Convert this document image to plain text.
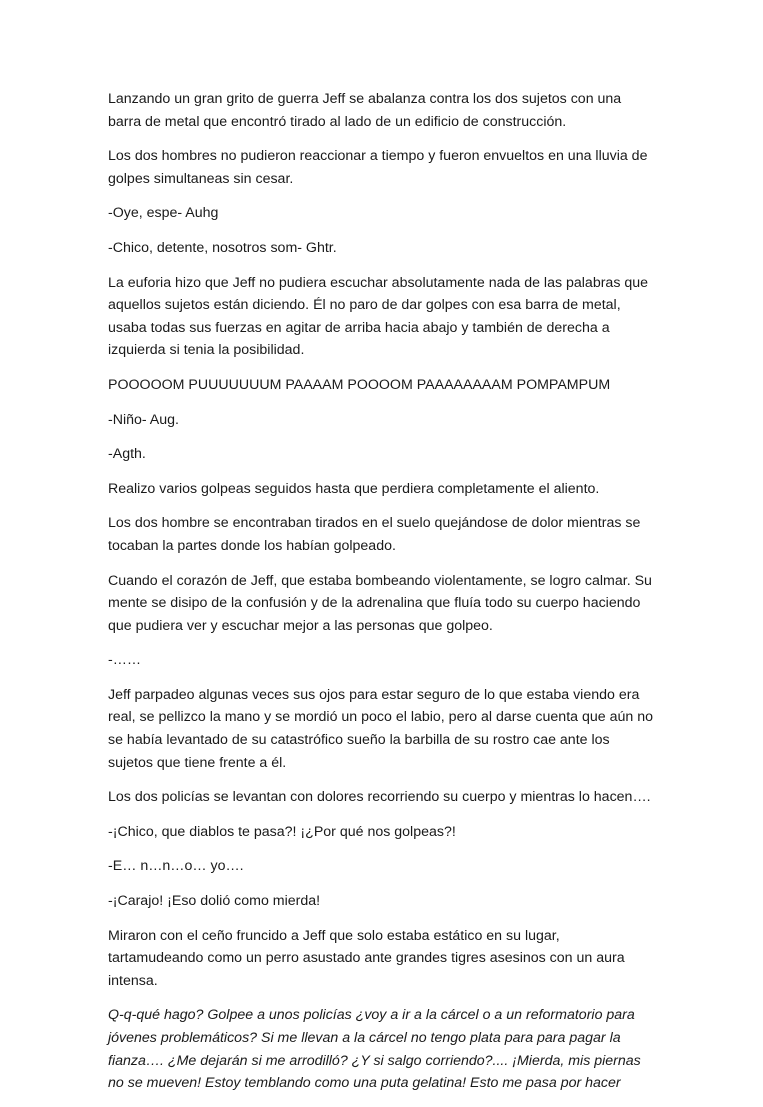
Lanzando un gran grito de guerra Jeff se abalanza contra los dos sujetos con una barra de metal que encontró tirado al lado de un edificio de construcción.

Los dos hombres no pudieron reaccionar a tiempo y fueron envueltos en una lluvia de golpes simultaneas sin cesar.

-Oye, espe- Auhg

-Chico, detente, nosotros som- Ghtr.

La euforia hizo que Jeff no pudiera escuchar absolutamente nada de las palabras que aquellos sujetos están diciendo. Él no paro de dar golpes con esa barra de metal, usaba todas sus fuerzas en agitar de arriba hacia abajo y también de derecha a izquierda si tenia la posibilidad.

POOOOOM PUUUUUUUM PAAAAM POOOOM PAAAAAAAAM POMPAMPUM

-Niño- Aug.

-Agth.

Realizo varios golpeas seguidos hasta que perdiera completamente el aliento.

Los dos hombre se encontraban tirados en el suelo quejándose de dolor mientras se tocaban la partes donde los habían golpeado.

Cuando el corazón de Jeff, que estaba bombeando violentamente, se logro calmar. Su mente se disipo de la confusión y de la adrenalina que fluía todo su cuerpo haciendo que pudiera ver y escuchar mejor a las personas que golpeo.

-……

Jeff parpadeo algunas veces sus ojos para estar seguro de lo que estaba viendo era real, se pellizco la mano y se mordió un poco el labio, pero al darse cuenta que aún no se había levantado de su catastrófico sueño la barbilla de su rostro cae ante los sujetos que tiene frente a él.

Los dos policías se levantan con dolores recorriendo su cuerpo y mientras lo hacen….

-¡Chico, que diablos te pasa?! ¡¿Por qué nos golpeas?!

-E… n…n…o… yo….

-¡Carajo! ¡Eso dolió como mierda!

Miraron con el ceño fruncido a Jeff que solo estaba estático en su lugar, tartamudeando como un perro asustado ante grandes tigres asesinos con un aura intensa.

Q-q-qué hago? Golpee a unos policías ¿voy a ir a la cárcel o a un reformatorio para jóvenes problemáticos? Si me llevan a la cárcel no tengo plata para para pagar la fianza…. ¿Me dejarán si me arrodilló? ¿Y si salgo corriendo?.... ¡Mierda, mis piernas no se mueven! Estoy temblando como una puta gelatina! Esto me pasa por hacer
